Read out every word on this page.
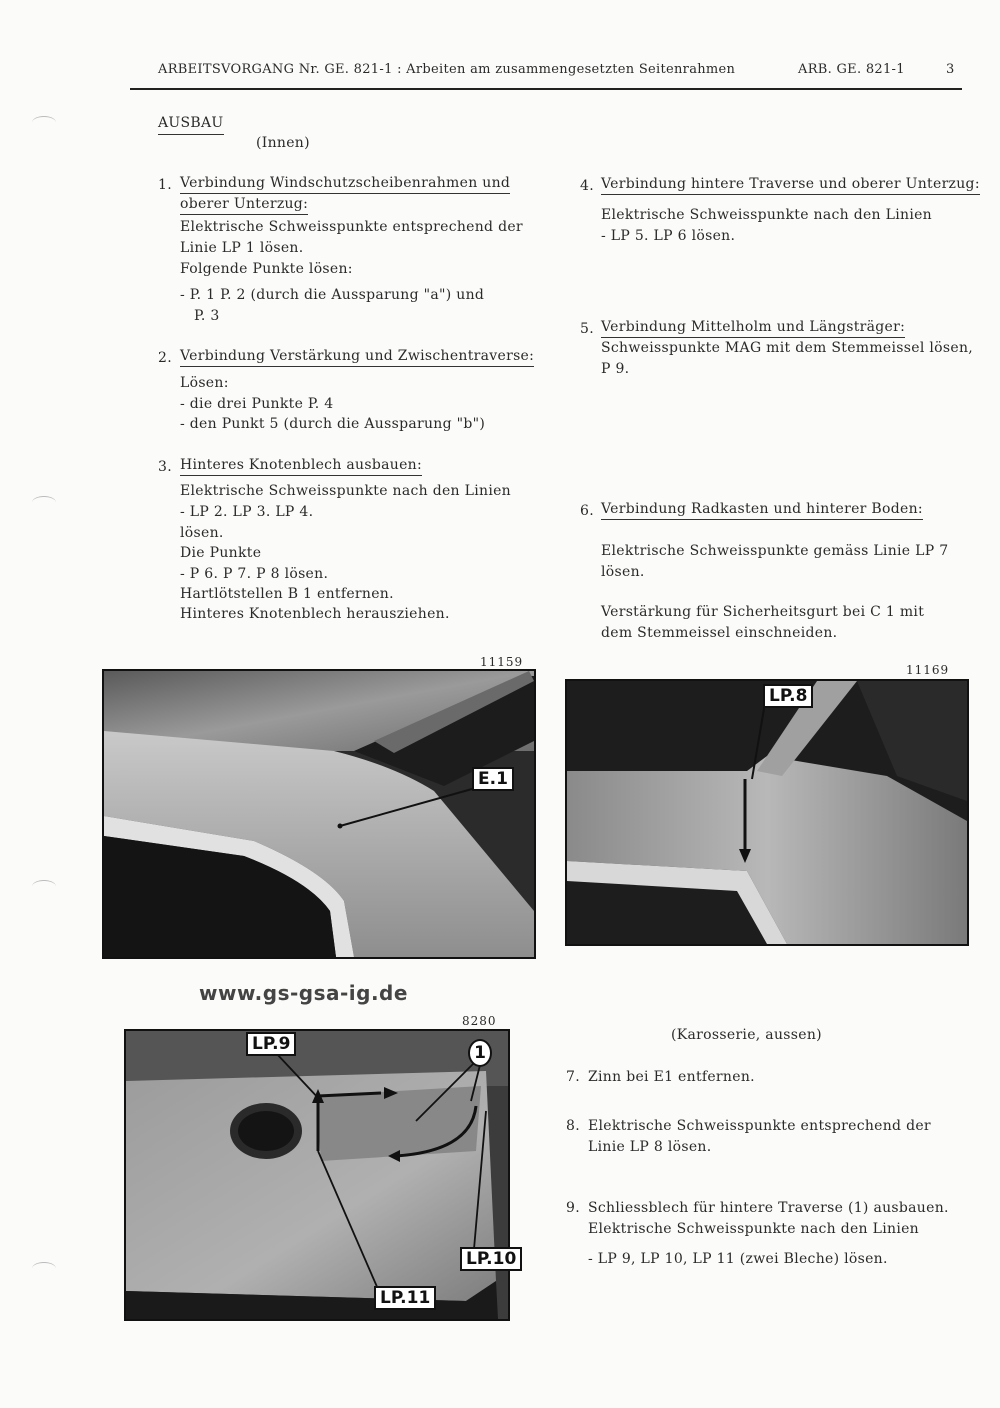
ARBEITSVORGANG Nr. GE. 821-1 : Arbeiten am zusammengesetzten Seitenrahmen	ARB. GE. 821-1	3
AUSBAU
(Innen)
1. Verbindung Windschutzscheibenrahmen und
oberer Unterzug:
Elektrische Schweisspunkte entsprechend der
Linie LP 1 lösen.
Folgende Punkte lösen:
- P. 1 P. 2 (durch die Aussparung "a") und
P. 3
2. Verbindung Verstärkung und Zwischentraverse:
Lösen:
- die drei Punkte P. 4
- den Punkt 5 (durch die Aussparung "b")
3. Hinteres Knotenblech ausbauen:
Elektrische Schweisspunkte nach den Linien
- LP 2. LP 3. LP 4.
lösen.
Die Punkte
- P 6. P 7. P 8 lösen.
Hartlötstellen B 1 entfernen.
Hinteres Knotenblech herausziehen.
4. Verbindung hintere Traverse und oberer Unterzug:
Elektrische Schweisspunkte nach den Linien
- LP 5. LP 6 lösen.
5. Verbindung Mittelholm und Längsträger:
Schweisspunkte MAG mit dem Stemmeissel lösen,
P 9.
6. Verbindung Radkasten und hinterer Boden:
Elektrische Schweisspunkte gemäss Linie LP 7
lösen.
Verstärkung für Sicherheitsgurt bei C 1 mit
dem Stemmeissel einschneiden.
11159
E.1
11169
LP.8
www.gs-gsa-ig.de
8280
LP.9	1
LP.10
LP.11
(Karosserie, aussen)
7. Zinn bei E1 entfernen.
8. Elektrische Schweisspunkte entsprechend der
Linie LP 8 lösen.
9. Schliessblech für hintere Traverse (1) ausbauen.
Elektrische Schweisspunkte nach den Linien
- LP 9, LP 10, LP 11 (zwei Bleche) lösen.
